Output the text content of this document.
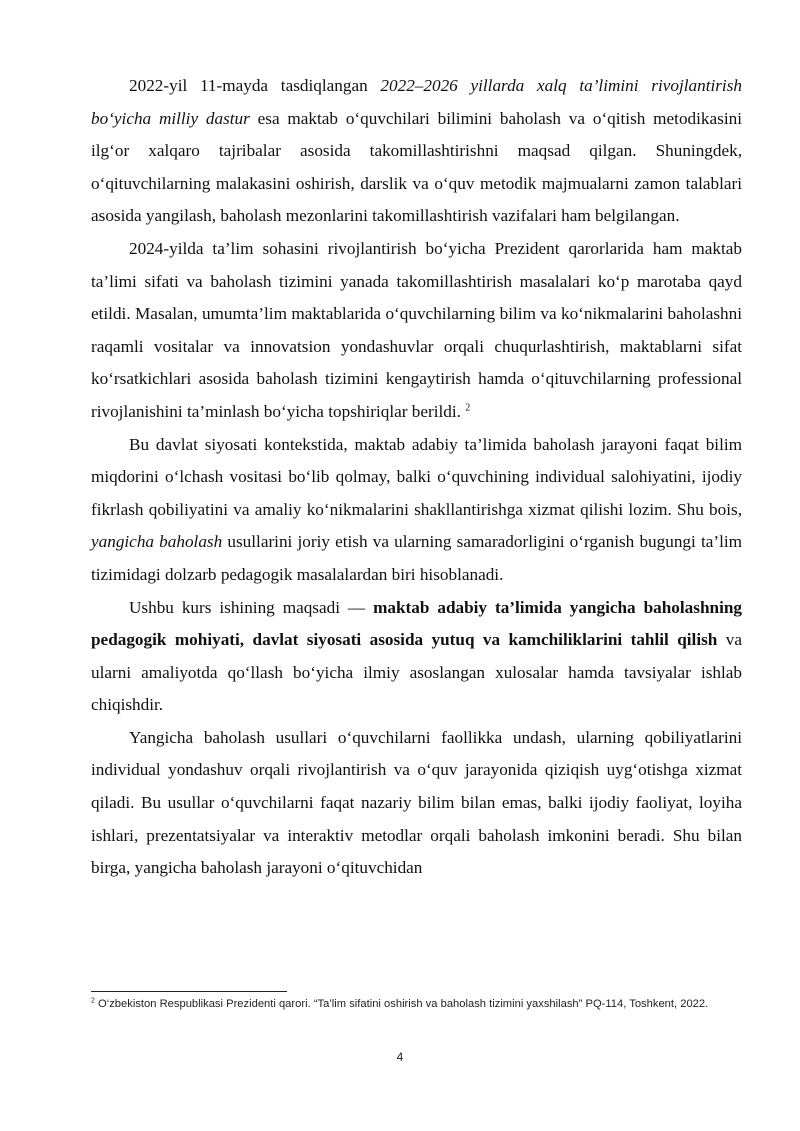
2022-yil 11-mayda tasdiqlangan 2022–2026 yillarda xalq ta’limini rivojlantirish bo‘yicha milliy dastur esa maktab o‘quvchilari bilimini baholash va o‘qitish metodikasini ilg‘or xalqaro tajribalar asosida takomillashtirishni maqsad qilgan. Shuningdek, o‘qituvchilarning malakasini oshirish, darslik va o‘quv metodik majmualarni zamon talablari asosida yangilash, baholash mezonlarini takomillashtirish vazifalari ham belgilangan.

2024-yilda ta’lim sohasini rivojlantirish bo‘yicha Prezident qarorlarida ham maktab ta’limi sifati va baholash tizimini yanada takomillashtirish masalalari ko‘p marotaba qayd etildi. Masalan, umumta’lim maktablarida o‘quvchilarning bilim va ko‘nikmalarini baholashni raqamli vositalar va innovatsion yondashuvlar orqali chuqurlashtirish, maktablarni sifat ko‘rsatkichlari asosida baholash tizimini kengaytirish hamda o‘qituvchilarning professional rivojlanishini ta’minlash bo‘yicha topshiriqlar berildi. $^2$

Bu davlat siyosati kontekstida, maktab adabiy ta’limida baholash jarayoni faqat bilim miqdorini o‘lchash vositasi bo‘lib qolmay, balki o‘quvchining individual salohiyatini, ijodiy fikrlash qobiliyatini va amaliy ko‘nikmalarini shakllantirishga xizmat qilishi lozim. Shu bois, yangicha baholash usullarini joriy etish va ularning samaradorligini o‘rganish bugungi ta’lim tizimidagi dolzarb pedagogik masalalardan biri hisoblanadi.

Ushbu kurs ishining maqsadi — maktab adabiy ta’limida yangicha baholashning pedagogik mohiyati, davlat siyosati asosida yutuq va kamchiliklarini tahlil qilish va ularni amaliyotda qo‘llash bo‘yicha ilmiy asoslangan xulosalar hamda tavsiyalar ishlab chiqishdir.

Yangicha baholash usullari o‘quvchilarni faollikka undash, ularning qobiliyatlarini individual yondashuv orqali rivojlantirish va o‘quv jarayonida qiziqish uyg‘otishga xizmat qiladi. Bu usullar o‘quvchilarni faqat nazariy bilim bilan emas, balki ijodiy faoliyat, loyiha ishlari, prezentatsiyalar va interaktiv metodlar orqali baholash imkonini beradi. Shu bilan birga, yangicha baholash jarayoni o‘qituvchidan

$^2$ O‘zbekiston Respublikasi Prezidenti qarori. “Ta’lim sifatini oshirish va baholash tizimini yaxshilash” PQ-114, Toshkent, 2022.
4
